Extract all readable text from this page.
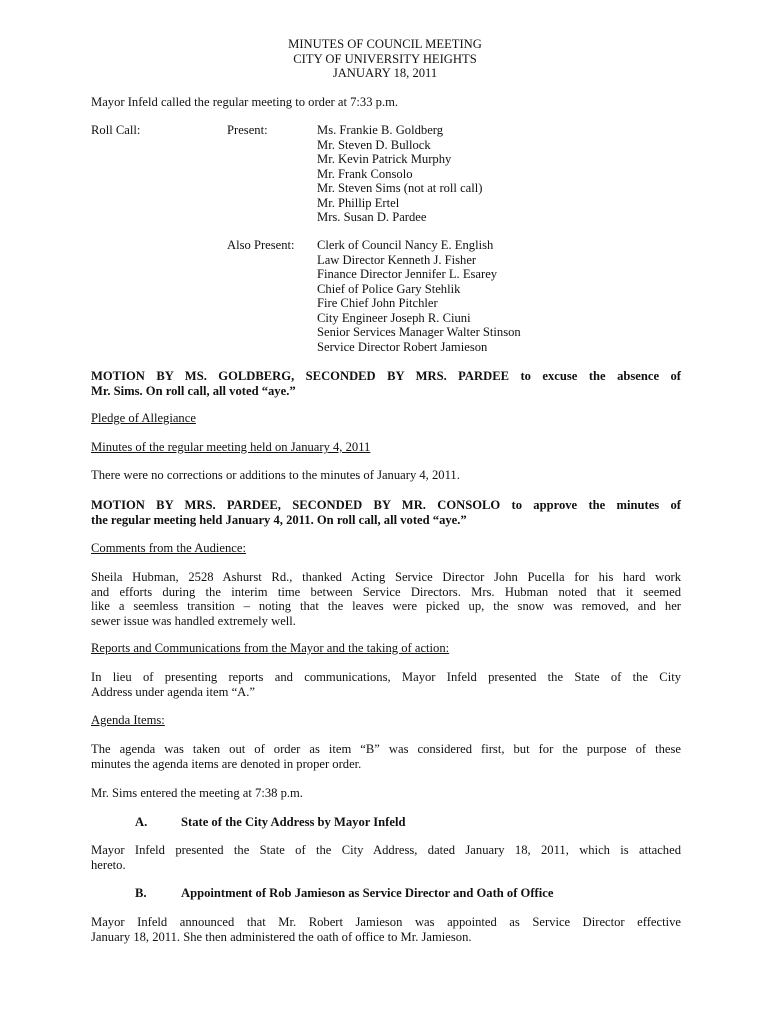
MINUTES OF COUNCIL MEETING
CITY OF UNIVERSITY HEIGHTS
JANUARY 18, 2011
Mayor Infeld called the regular meeting to order at 7:33 p.m.
Roll Call:	Present:	Ms. Frankie B. Goldberg
Mr. Steven D. Bullock
Mr. Kevin Patrick Murphy
Mr. Frank Consolo
Mr. Steven Sims (not at roll call)
Mr. Phillip Ertel
Mrs. Susan D. Pardee
Also Present: Clerk of Council Nancy E. English
Law Director Kenneth J. Fisher
Finance Director Jennifer L. Esarey
Chief of Police Gary Stehlik
Fire Chief John Pitchler
City Engineer Joseph R. Ciuni
Senior Services Manager Walter Stinson
Service Director Robert Jamieson
MOTION BY MS. GOLDBERG, SECONDED BY MRS. PARDEE to excuse the absence of
Mr. Sims. On roll call, all voted “aye.”
Pledge of Allegiance
Minutes of the regular meeting held on January 4, 2011
There were no corrections or additions to the minutes of January 4, 2011.
MOTION BY MRS. PARDEE, SECONDED BY MR. CONSOLO to approve the minutes of
the regular meeting held January 4, 2011. On roll call, all voted “aye.”
Comments from the Audience:
Sheila Hubman, 2528 Ashurst Rd., thanked Acting Service Director John Pucella for his hard work
and efforts during the interim time between Service Directors. Mrs. Hubman noted that it seemed
like a seemless transition – noting that the leaves were picked up, the snow was removed, and her
sewer issue was handled extremely well.
Reports and Communications from the Mayor and the taking of action:
In lieu of presenting reports and communications, Mayor Infeld presented the State of the City
Address under agenda item “A.”
Agenda Items:
The agenda was taken out of order as item “B” was considered first, but for the purpose of these
minutes the agenda items are denoted in proper order.
Mr. Sims entered the meeting at 7:38 p.m.
A.	State of the City Address by Mayor Infeld
Mayor Infeld presented the State of the City Address, dated January 18, 2011, which is attached
hereto.
B.	Appointment of Rob Jamieson as Service Director and Oath of Office
Mayor Infeld announced that Mr. Robert Jamieson was appointed as Service Director effective
January 18, 2011. She then administered the oath of office to Mr. Jamieson.
